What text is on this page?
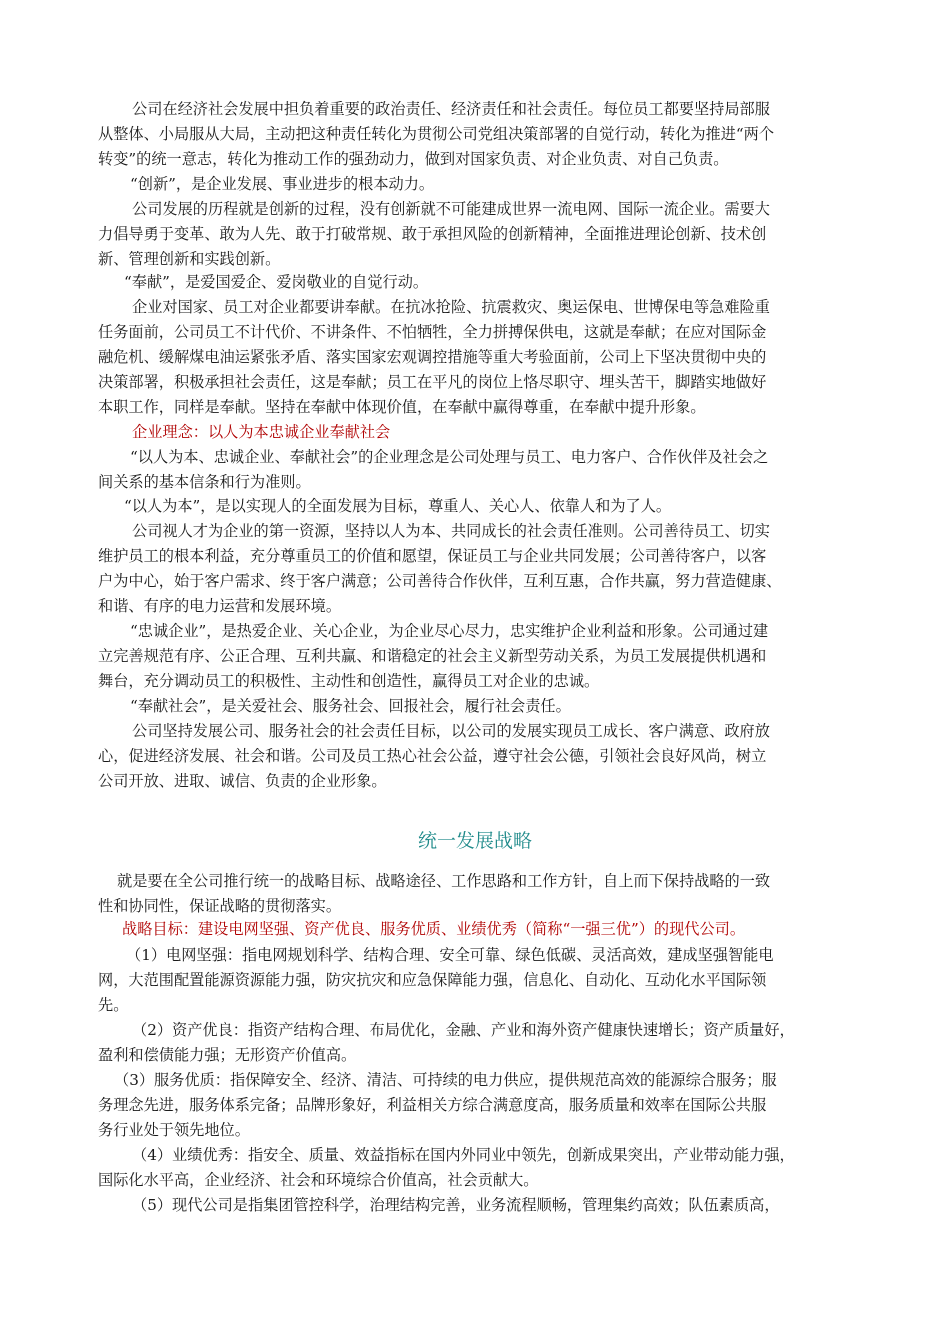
公司在经济社会发展中担负着重要的政治责任、经济责任和社会责任。每位员工都要坚持局部服
从整体、小局服从大局，主动把这种责任转化为贯彻公司党组决策部署的自觉行动，转化为推进“两个
转变”的统一意志，转化为推动工作的强劲动力，做到对国家负责、对企业负责、对自己负责。
“创新”，是企业发展、事业进步的根本动力。
公司发展的历程就是创新的过程，没有创新就不可能建成世界一流电网、国际一流企业。需要大
力倡导勇于变革、敢为人先、敢于打破常规、敢于承担风险的创新精神，全面推进理论创新、技术创
新、管理创新和实践创新。
“奉献”，是爱国爱企、爱岗敬业的自觉行动。
企业对国家、员工对企业都要讲奉献。在抗冰抢险、抗震救灾、奥运保电、世博保电等急难险重
任务面前，公司员工不计代价、不讲条件、不怕牺牲，全力拼搏保供电，这就是奉献；在应对国际金
融危机、缓解煤电油运紧张矛盾、落实国家宏观调控措施等重大考验面前，公司上下坚决贯彻中央的
决策部署，积极承担社会责任，这是奉献；员工在平凡的岗位上恪尽职守、埋头苦干，脚踏实地做好
本职工作，同样是奉献。坚持在奉献中体现价值，在奉献中赢得尊重，在奉献中提升形象。
企业理念：以人为本忠诚企业奉献社会
“以人为本、忠诚企业、奉献社会”的企业理念是公司处理与员工、电力客户、合作伙伴及社会之
间关系的基本信条和行为准则。
“以人为本”，是以实现人的全面发展为目标，尊重人、关心人、依靠人和为了人。
公司视人才为企业的第一资源，坚持以人为本、共同成长的社会责任准则。公司善待员工、切实
维护员工的根本利益，充分尊重员工的价值和愿望，保证员工与企业共同发展；公司善待客户，以客
户为中心，始于客户需求、终于客户满意；公司善待合作伙伴，互利互惠，合作共赢，努力营造健康、
和谐、有序的电力运营和发展环境。
“忠诚企业”，是热爱企业、关心企业，为企业尽心尽力，忠实维护企业利益和形象。公司通过建
立完善规范有序、公正合理、互利共赢、和谐稳定的社会主义新型劳动关系，为员工发展提供机遇和
舞台，充分调动员工的积极性、主动性和创造性，赢得员工对企业的忠诚。
“奉献社会”，是关爱社会、服务社会、回报社会，履行社会责任。
公司坚持发展公司、服务社会的社会责任目标，以公司的发展实现员工成长、客户满意、政府放
心，促进经济发展、社会和谐。公司及员工热心社会公益，遵守社会公德，引领社会良好风尚，树立
公司开放、进取、诚信、负责的企业形象。
统一发展战略
就是要在全公司推行统一的战略目标、战略途径、工作思路和工作方针，自上而下保持战略的一致
性和协同性，保证战略的贯彻落实。
战略目标：建设电网坚强、资产优良、服务优质、业绩优秀（简称“一强三优”）的现代公司。
（1）电网坚强：指电网规划科学、结构合理、安全可靠、绿色低碳、灵活高效，建成坚强智能电
网，大范围配置能源资源能力强，防灾抗灾和应急保障能力强，信息化、自动化、互动化水平国际领
先。
（2）资产优良：指资产结构合理、布局优化，金融、产业和海外资产健康快速增长；资产质量好，
盈利和偿债能力强；无形资产价值高。
（3）服务优质：指保障安全、经济、清洁、可持续的电力供应，提供规范高效的能源综合服务；服
务理念先进，服务体系完备；品牌形象好，利益相关方综合满意度高，服务质量和效率在国际公共服
务行业处于领先地位。
（4）业绩优秀：指安全、质量、效益指标在国内外同业中领先，创新成果突出，产业带动能力强，
国际化水平高，企业经济、社会和环境综合价值高，社会贡献大。
（5）现代公司是指集团管控科学，治理结构完善，业务流程顺畅，管理集约高效；队伍素质高，
